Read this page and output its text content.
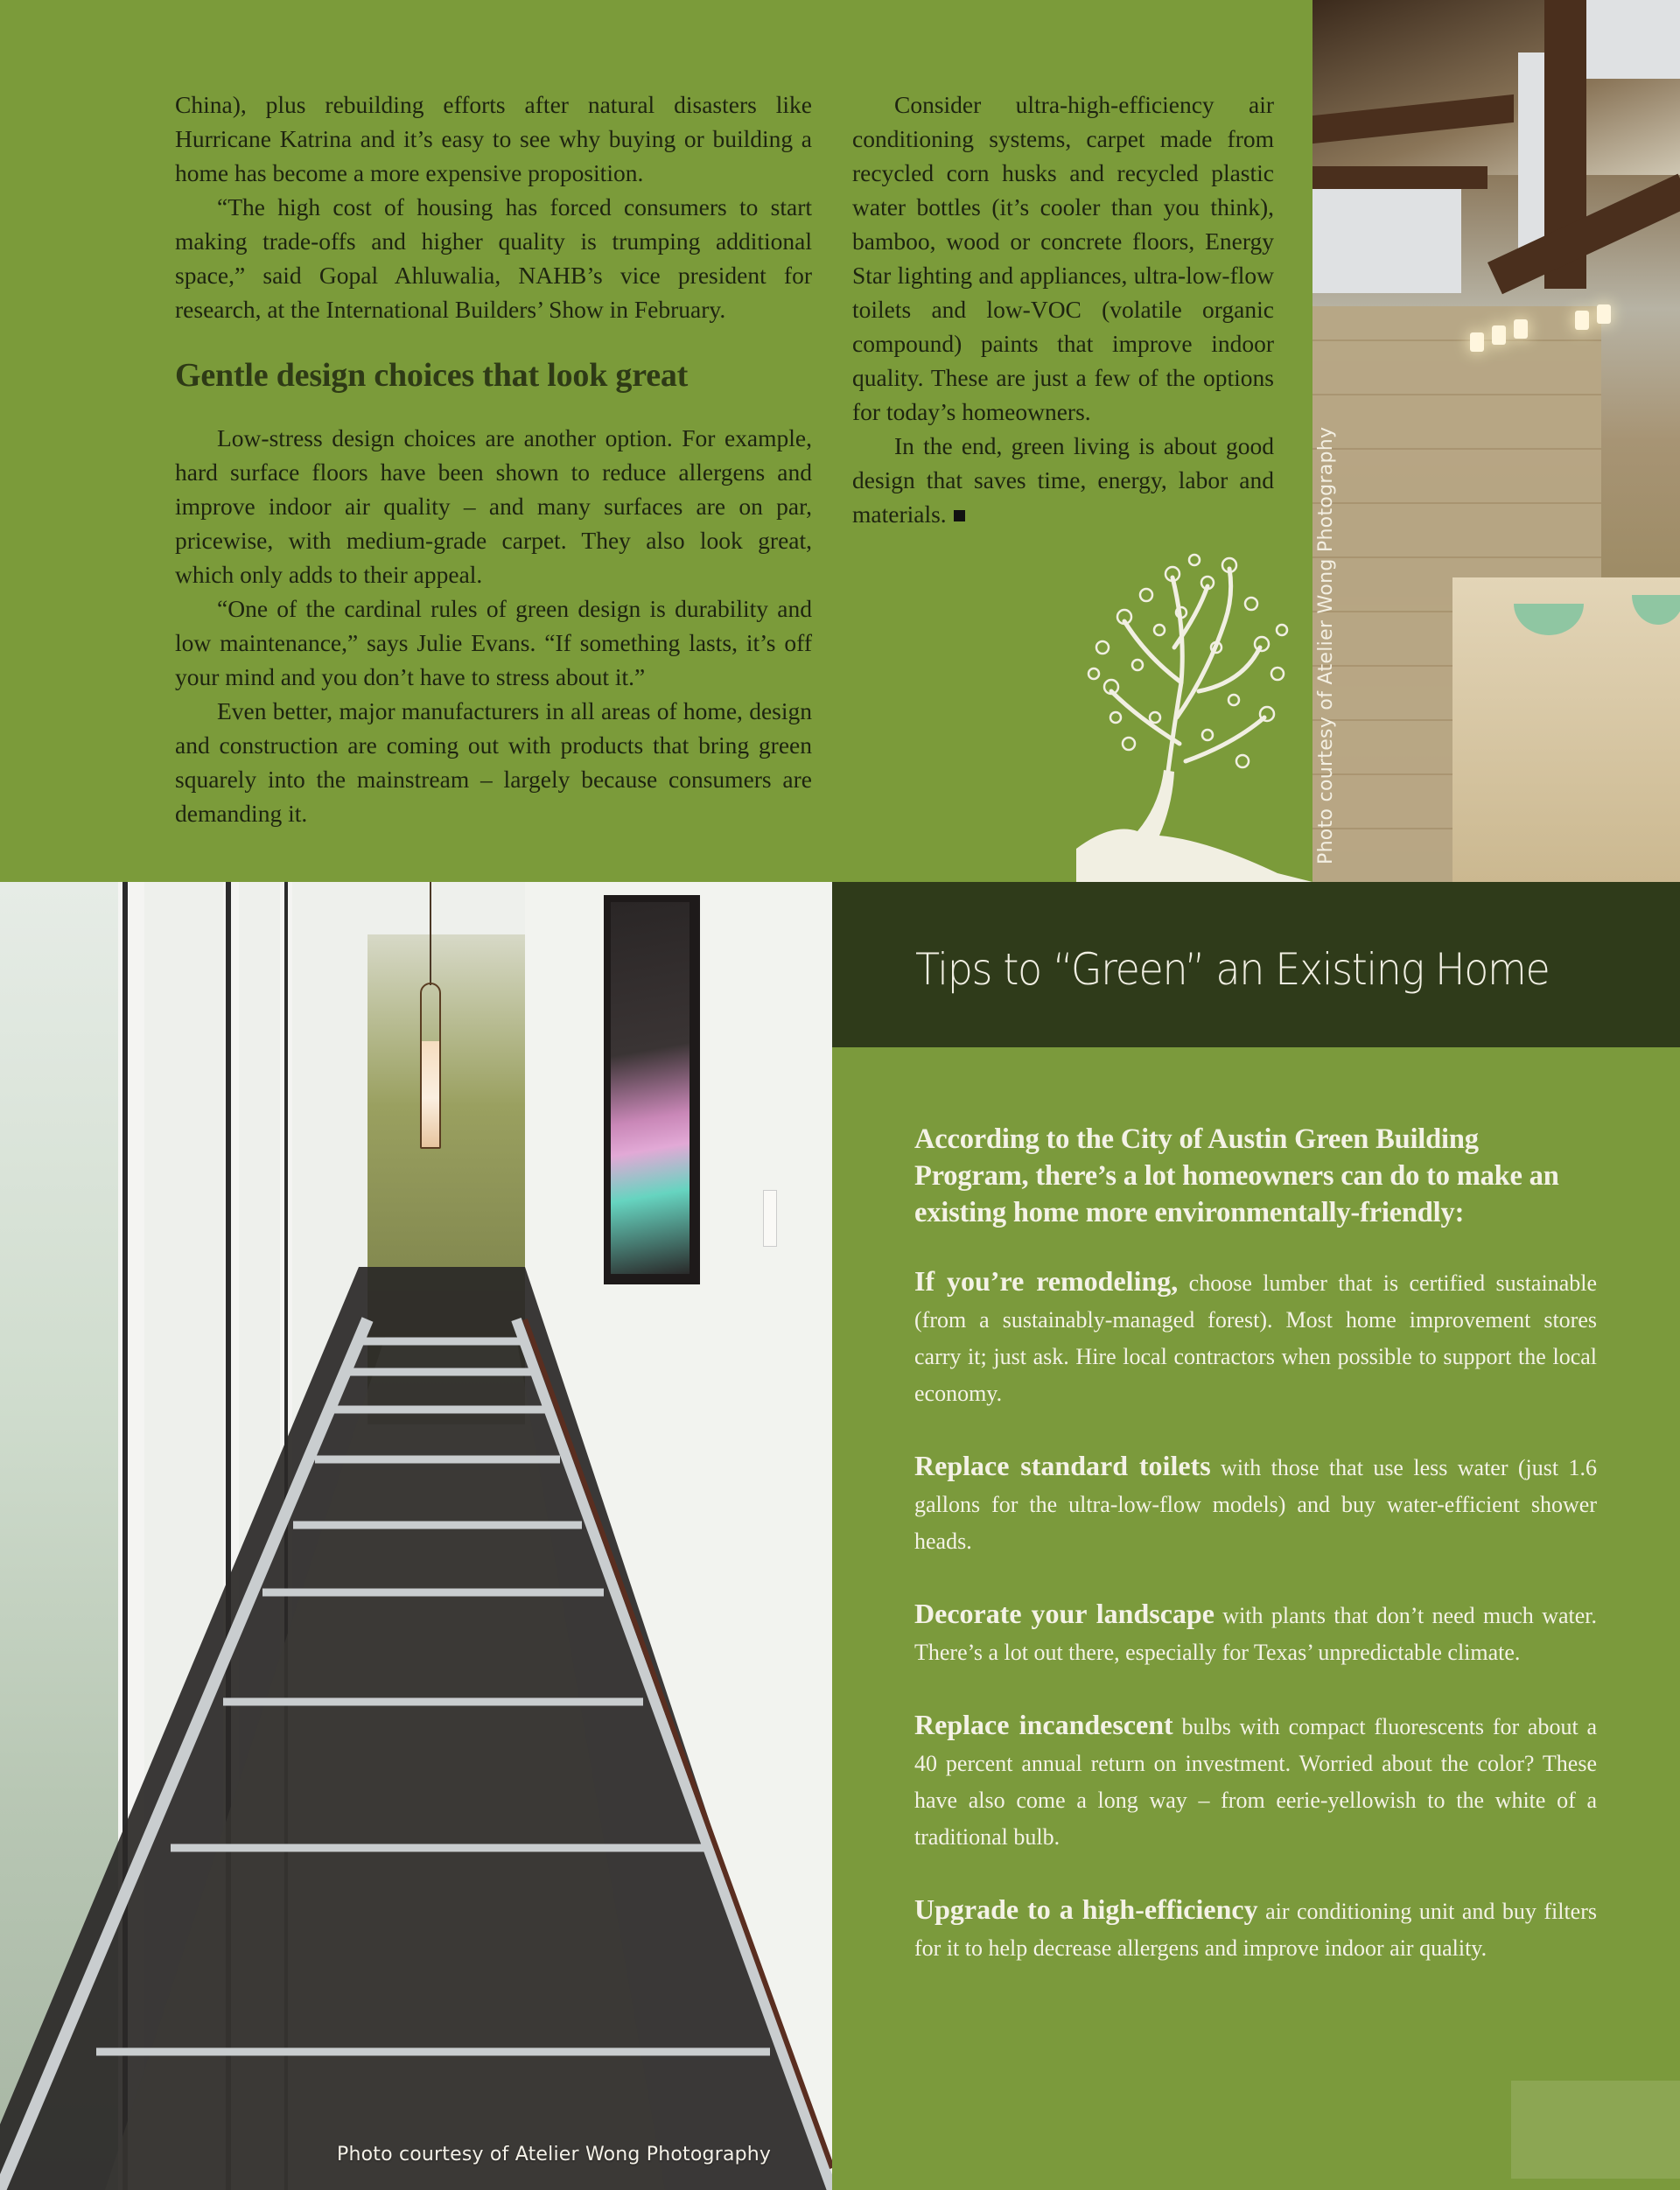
China), plus rebuilding efforts after natural disasters like Hurricane Katrina and it’s easy to see why buying or building a home has become a more expensive proposition.

“The high cost of housing has forced consumers to start making trade-offs and higher quality is trumping additional space,” said Gopal Ahluwalia, NAHB’s vice president for research, at the International Builders’ Show in February.

Gentle design choices that look great

Low-stress design choices are another option. For example, hard surface floors have been shown to reduce allergens and improve indoor air quality – and many surfaces are on par, pricewise, with medium-grade carpet. They also look great, which only adds to their appeal.

“One of the cardinal rules of green design is durability and low maintenance,” says Julie Evans. “If something lasts, it’s off your mind and you don’t have to stress about it.”

Even better, major manufacturers in all areas of home, design and construction are coming out with products that bring green squarely into the mainstream – largely because consumers are demanding it.

Consider ultra-high-efficiency air conditioning systems, carpet made from recycled corn husks and recycled plastic water bottles (it’s cooler than you think), bamboo, wood or concrete floors, Energy Star lighting and appliances, ultra-low-flow toilets and low-VOC (volatile organic compound) paints that improve indoor quality. These are just a few of the options for today’s homeowners.

In the end, green living is about good design that saves time, energy, labor and materials.	Photo courtesy of Atelier Wong Photography
Photo courtesy of Atelier Wong Photography
Tips to “Green” an Existing Home

According to the City of Austin Green Building Program, there’s a lot homeowners can do to make an existing home more environmentally-friendly:

If you’re remodeling, choose lumber that is certified sustainable (from a sustainably-managed forest). Most home improvement stores carry it; just ask. Hire local contractors when possible to support the local economy.

Replace standard toilets with those that use less water (just 1.6 gallons for the ultra-low-flow models) and buy water-efficient shower heads.

Decorate your landscape with plants that don’t need much water. There’s a lot out there, especially for Texas’ unpredictable climate.

Replace incandescent bulbs with compact fluorescents for about a 40 percent annual return on investment. Worried about the color? These have also come a long way – from eerie-yellowish to the white of a traditional bulb.

Upgrade to a high-efficiency air conditioning unit and buy filters for it to help decrease allergens and improve indoor air quality.
